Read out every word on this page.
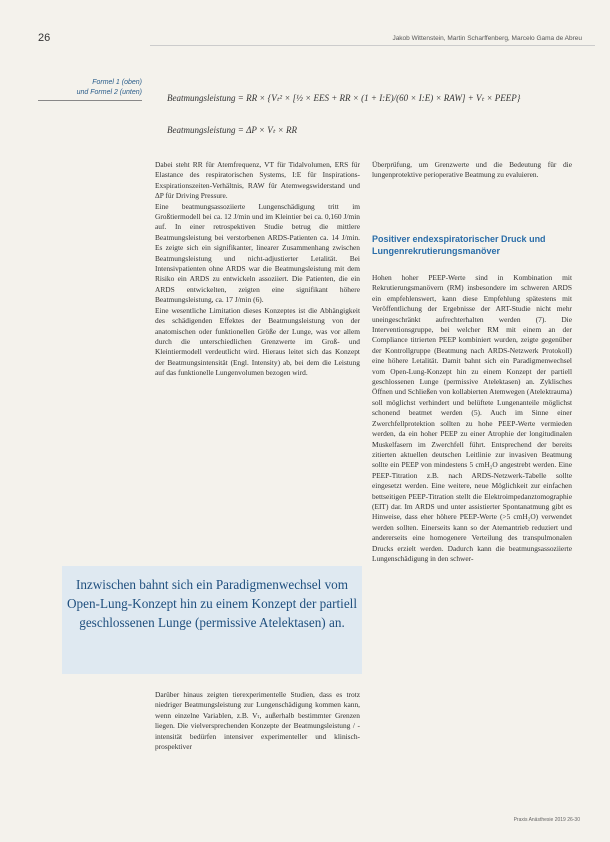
26	Jakob Wittenstein, Martin Scharffenberg, Marcelo Gama de Abreu
Formel 1 (oben)
und Formel 2 (unten)
Beatmungsleistung = RR × {Vₜ² × [½ × EES + RR × (1 + I:E)/(60 × I:E) × RAW] + Vₜ × PEEP}
Beatmungsleistung = ΔP × Vₜ × RR

Dabei steht RR für Atemfrequenz, VT für Tidalvolumen, ERS für Elastance des respiratorischen Systems, I:E für Inspirations-Exspirationszeiten-Verhältnis, RAW für Atemwegswiderstand und ΔP für Driving Pressure.

Eine beatmungsassoziierte Lungenschädigung tritt im Großtiermodell bei ca. 12 J/min und im Kleintier bei ca. 0,160 J/min auf. In einer retrospektiven Studie betrug die mittlere Beatmungsleistung bei verstorbenen ARDS-Patienten ca. 14 J/min. Es zeigte sich ein signifikanter, linearer Zusammenhang zwischen Beatmungsleistung und nicht-adjustierter Letalität. Bei Intensivpatienten ohne ARDS war die Beatmungsleistung mit dem Risiko ein ARDS zu entwickeln assoziiert. Die Patienten, die ein ARDS entwickelten, zeigten eine signifikant höhere Beatmungsleistung, ca. 17 J/min (6).

Eine wesentliche Limitation dieses Konzeptes ist die Abhängigkeit des schädigenden Effektes der Beatmungsleistung von der anatomischen oder funktionellen Größe der Lunge, was vor allem durch die unterschiedlichen Grenzwerte im Groß- und Kleintiermodell verdeutlicht wird. Hieraus leitet sich das Konzept der Beatmungsintensität (Engl. Intensity) ab, bei dem die Leistung auf das funktionelle Lungenvolumen bezogen wird.

Inzwischen bahnt sich ein Paradigmenwechsel vom Open-Lung-Konzept hin zu einem Konzept der partiell geschlossenen Lunge (permissive Atelektasen) an.

Darüber hinaus zeigten tierexperimentelle Studien, dass es trotz niedriger Beatmungsleistung zur Lungenschädigung kommen kann, wenn einzelne Variablen, z.B. Vₜ, außerhalb bestimmter Grenzen liegen. Die vielversprechenden Konzepte der Beatmungsleistung / -intensität bedürfen intensiver experimenteller und klinisch-prospektiver

Überprüfung, um Grenzwerte und die Bedeutung für die lungenprotektive perioperative Beatmung zu evaluieren.

Positiver endexspiratorischer Druck und Lungenrekrutierungsmanöver

Hohen hoher PEEP-Werte sind in Kombination mit Rekrutierungsmanövern (RM) insbesondere im schweren ARDS ein empfehlenswert, kann diese Empfehlung spätestens mit Veröffentlichung der Ergebnisse der ART-Studie nicht mehr uneingeschränkt aufrechterhalten werden (7). Die Interventionsgruppe, bei welcher RM mit einem an der Compliance titrierten PEEP kombiniert wurden, zeigte gegenüber der Kontrollgruppe (Beatmung nach ARDS-Netzwerk Protokoll) eine höhere Letalität. Damit bahnt sich ein Paradigmenwechsel vom Open-Lung-Konzept hin zu einem Konzept der partiell geschlossenen Lunge (permissive Atelektasen) an. Zyklisches Öffnen und Schließen von kollabierten Atemwegen (Atelektrauma) soll möglichst verhindert und belüftete Lungenanteile möglichst schonend beatmet werden (5). Auch im Sinne einer Zwerchfellprotektion sollten zu hohe PEEP-Werte vermieden werden, da ein hoher PEEP zu einer Atrophie der longitudinalen Muskelfasern im Zwerchfell führt. Entsprechend der bereits zitierten aktuellen deutschen Leitlinie zur invasiven Beatmung sollte ein PEEP von mindestens 5 cmH₂O angestrebt werden. Eine PEEP-Titration z.B. nach ARDS-Netzwerk-Tabelle sollte eingesetzt werden. Eine weitere, neue Möglichkeit zur einfachen bettseitigen PEEP-Titration stellt die Elektroimpedanztomographie (EIT) dar. Im ARDS und unter assistierter Spontanatmung gibt es Hinweise, dass eher höhere PEEP-Werte (>5 cmH₂O) verwendet werden sollten. Einerseits kann so der Atemantrieb reduziert und andererseits eine homogenere Verteilung des transpulmonalen Drucks erzielt werden. Dadurch kann die beatmungsassoziierte Lungenschädigung in den schwer-

Praxis Anästhesie 2019 26-30
